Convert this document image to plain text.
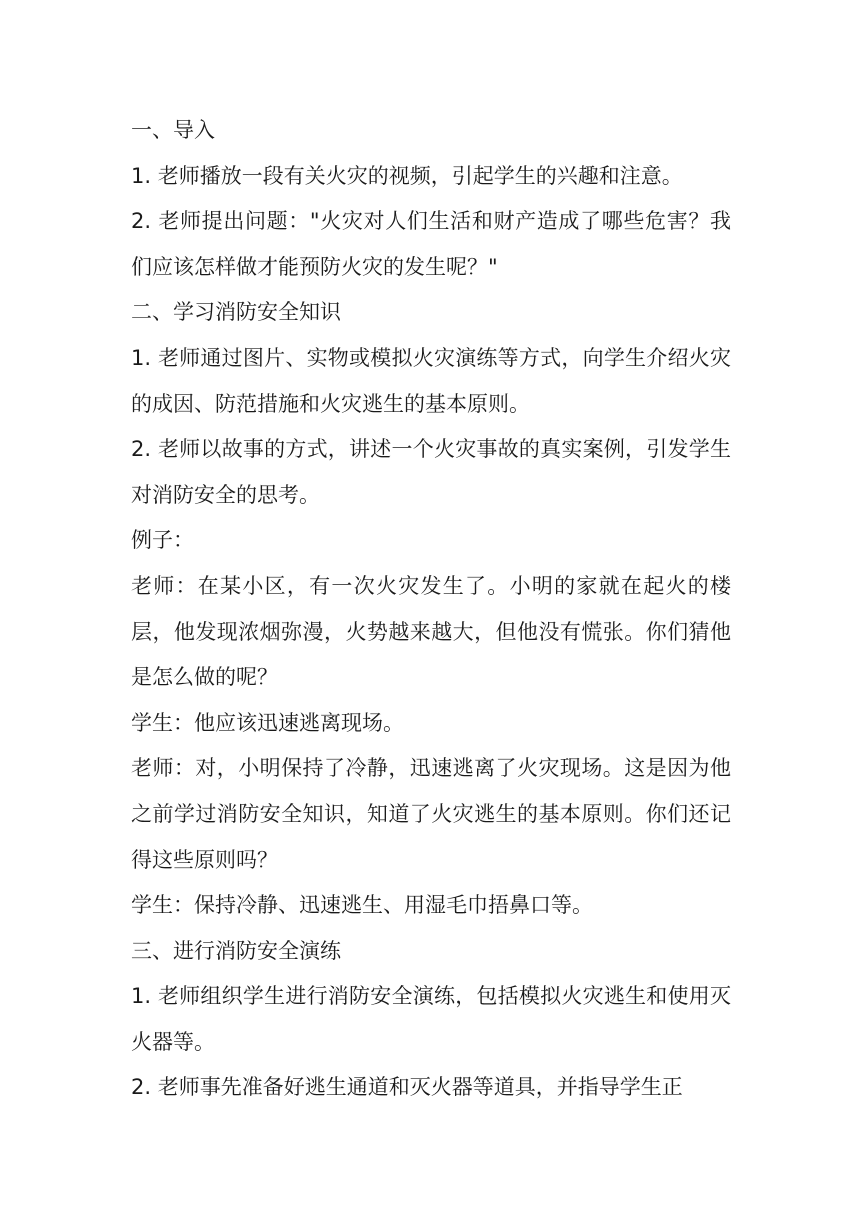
一、导入

1. 老师播放一段有关火灾的视频，引起学生的兴趣和注意。

2. 老师提出问题："火灾对人们生活和财产造成了哪些危害？我们应该怎样做才能预防火灾的发生呢？"

二、学习消防安全知识

1. 老师通过图片、实物或模拟火灾演练等方式，向学生介绍火灾的成因、防范措施和火灾逃生的基本原则。

2. 老师以故事的方式，讲述一个火灾事故的真实案例，引发学生对消防安全的思考。

例子：

老师：在某小区，有一次火灾发生了。小明的家就在起火的楼层，他发现浓烟弥漫，火势越来越大，但他没有慌张。你们猜他是怎么做的呢？

学生：他应该迅速逃离现场。

老师：对，小明保持了冷静，迅速逃离了火灾现场。这是因为他之前学过消防安全知识，知道了火灾逃生的基本原则。你们还记得这些原则吗？

学生：保持冷静、迅速逃生、用湿毛巾捂鼻口等。

三、进行消防安全演练

1. 老师组织学生进行消防安全演练，包括模拟火灾逃生和使用灭火器等。

2. 老师事先准备好逃生通道和灭火器等道具，并指导学生正
